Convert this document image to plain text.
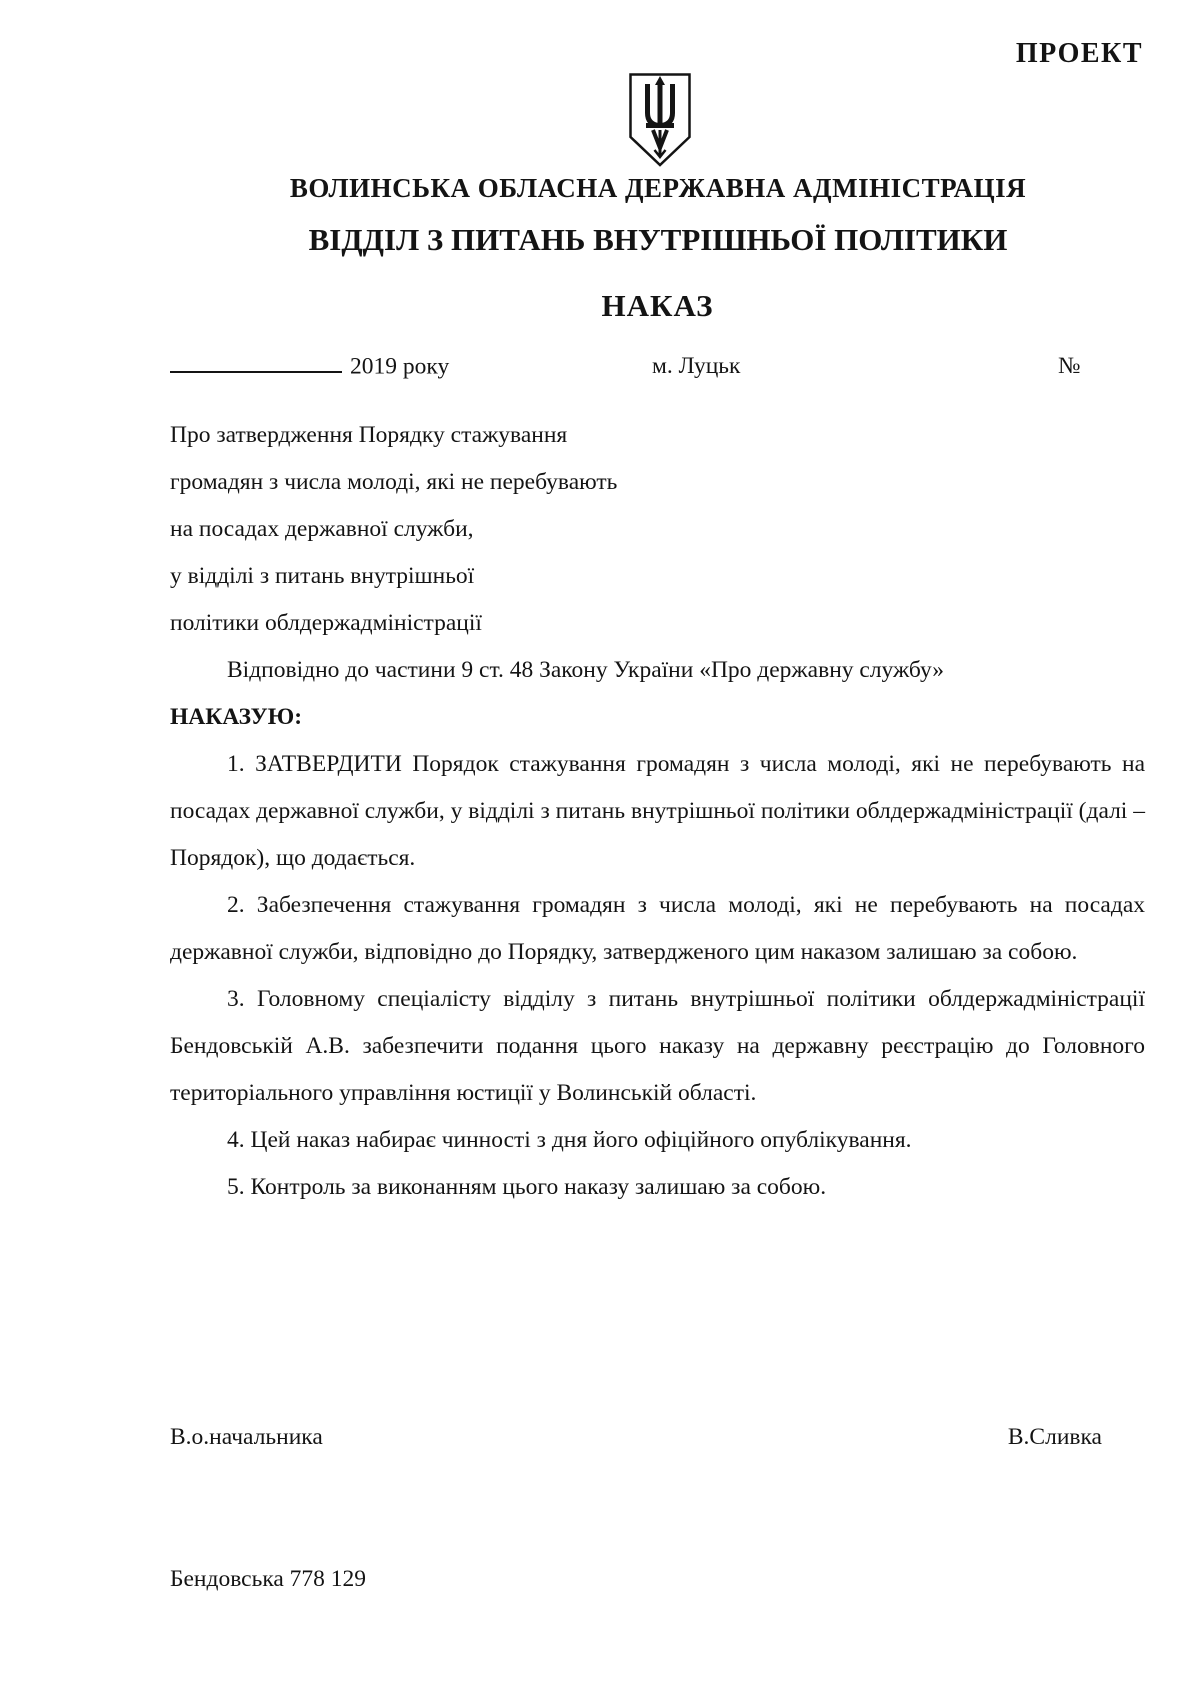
ПРОЕКТ
ВОЛИНСЬКА ОБЛАСНА ДЕРЖАВНА АДМІНІСТРАЦІЯ
ВІДДІЛ З ПИТАНЬ ВНУТРІШНЬОЇ ПОЛІТИКИ
НАКАЗ
2019 року	м. Луцьк	№
Про затвердження Порядку стажування
громадян з числа молоді, які не перебувають
на посадах державної служби,
у відділі з питань внутрішньої
політики облдержадміністрації

Відповідно до частини 9 ст. 48 Закону України «Про державну службу»

НАКАЗУЮ:

1. ЗАТВЕРДИТИ Порядок стажування громадян з числа молоді, які не перебувають на посадах державної служби, у відділі з питань внутрішньої політики облдержадміністрації (далі – Порядок), що додається.

2. Забезпечення стажування громадян з числа молоді, які не перебувають на посадах державної служби, відповідно до Порядку, затвердженого цим наказом залишаю за собою.

3. Головному спеціалісту відділу з питань внутрішньої політики облдержадміністрації Бендовській А.В. забезпечити подання цього наказу на державну реєстрацію до Головного територіального управління юстиції у Волинській області.

4. Цей наказ набирає чинності з дня його офіційного опублікування.

5. Контроль за виконанням цього наказу залишаю за собою.

В.о.начальника	В.Сливка
Бендовська 778 129
